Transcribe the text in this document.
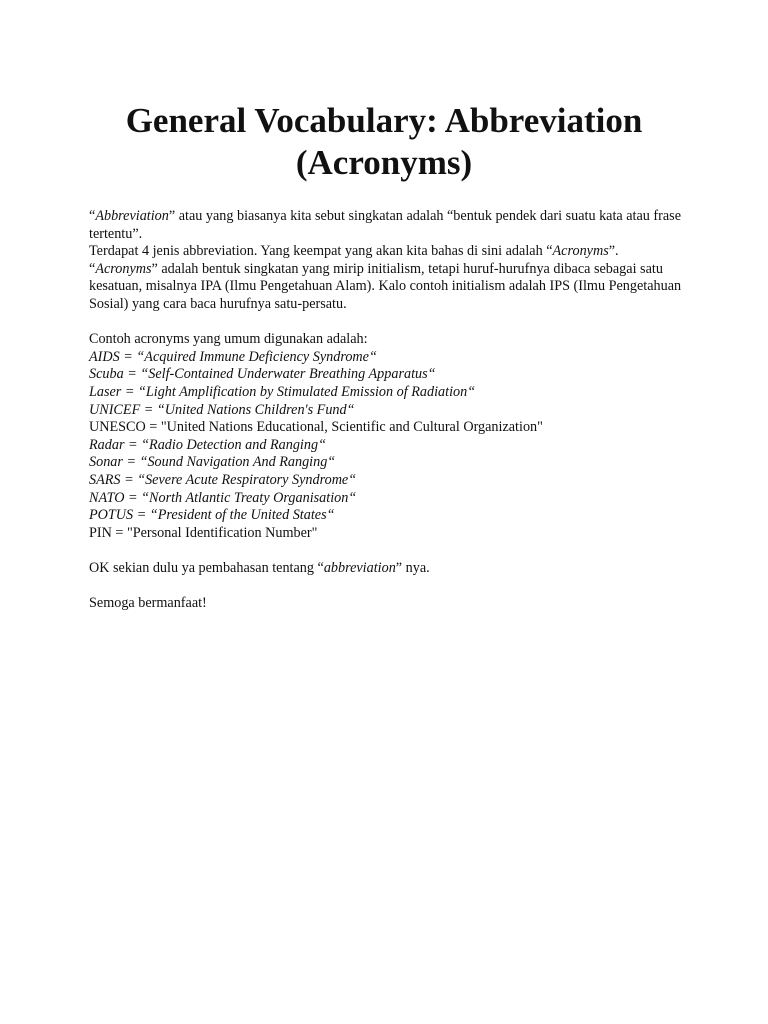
General Vocabulary: Abbreviation
(Acronyms)

“Abbreviation” atau yang biasanya kita sebut singkatan adalah “bentuk pendek dari suatu kata atau frase tertentu”.

Terdapat 4 jenis abbreviation. Yang keempat yang akan kita bahas di sini adalah “Acronyms”.

“Acronyms” adalah bentuk singkatan yang mirip initialism, tetapi huruf-hurufnya dibaca sebagai satu kesatuan, misalnya IPA (Ilmu Pengetahuan Alam). Kalo contoh initialism adalah IPS (Ilmu Pengetahuan Sosial) yang cara baca hurufnya satu-persatu.

Contoh acronyms yang umum digunakan adalah:

AIDS = “Acquired Immune Deficiency Syndrome“
Scuba = “Self-Contained Underwater Breathing Apparatus“
Laser = “Light Amplification by Stimulated Emission of Radiation“
UNICEF = “United Nations Children's Fund“
UNESCO = "United Nations Educational, Scientific and Cultural Organization"
Radar = “Radio Detection and Ranging“
Sonar = “Sound Navigation And Ranging“
SARS = “Severe Acute Respiratory Syndrome“
NATO = “North Atlantic Treaty Organisation“
POTUS = “President of the United States“
PIN = "Personal Identification Number"

OK sekian dulu ya pembahasan tentang “abbreviation” nya.

Semoga bermanfaat!
